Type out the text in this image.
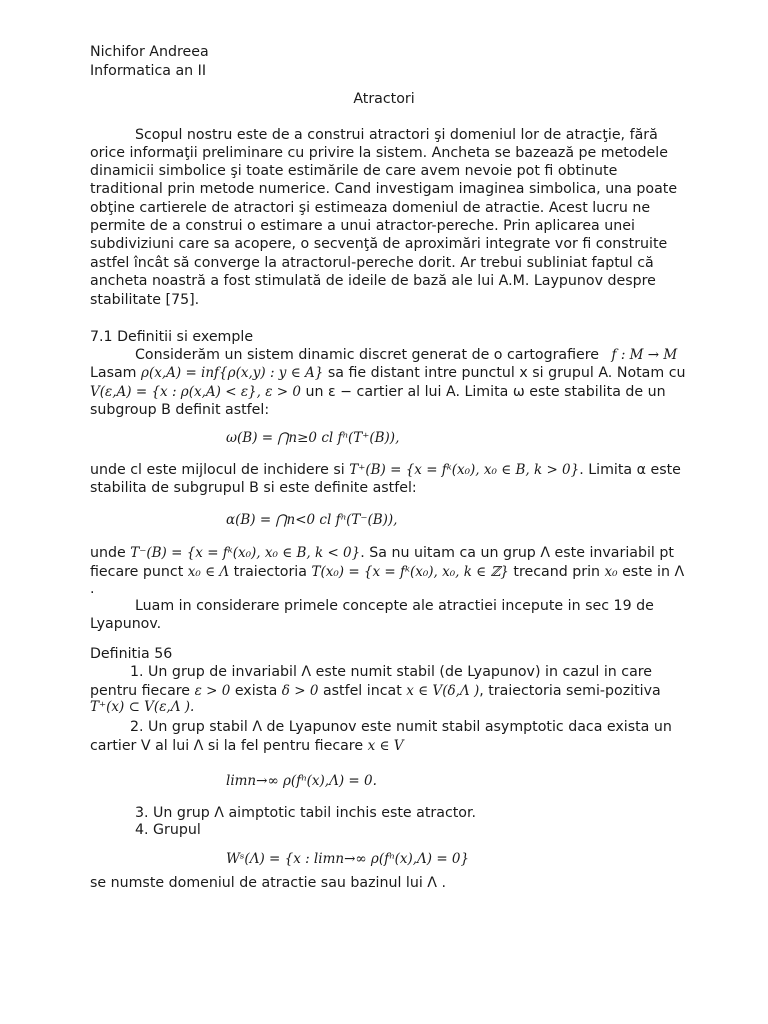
Nichifor Andreea
Informatica an II
Atractori
Scopul nostru este de a construi atractori şi domeniul lor de atracţie, fără
orice informaţii preliminare cu privire la sistem. Ancheta se bazează pe metodele
dinamicii simbolice şi toate estimările de care avem nevoie pot fi obtinute
traditional prin metode numerice. Cand investigam imaginea simbolica, una poate
obţine cartierele de atractori şi estimeaza domeniul de atractie. Acest lucru ne
permite de a construi o estimare a unui atractor-pereche. Prin aplicarea unei
subdiviziuni care sa acopere, o secvenţă de aproximări integrate vor fi construite
astfel încât să converge la atractorul-pereche dorit. Ar trebui subliniat faptul că
ancheta noastră a fost stimulată de ideile de bază ale lui A.M. Laypunov despre
stabilitate [75].
7.1 Definitii si exemple
Considerăm un sistem dinamic discret generat de o cartografiere f : M → M
Lasam ρ(x,A) = inf{ρ(x,y) : y ∈ A} sa fie distant intre punctul x si grupul A. Notam cu
V(ε,A) = {x : ρ(x,A) < ε}, ε > 0 un ε − cartier al lui A. Limita ω este stabilita de un
subgroup B definit astfel:
ω(B) = ⋂n≥0 cl fⁿ(T⁺(B)),
unde cl este mijlocul de inchidere si T⁺(B) = {x = fᵏ(x₀), x₀ ∈ B, k > 0}. Limita α este
stabilita de subgrupul B si este definite astfel:
α(B) = ⋂n<0 cl fⁿ(T⁻(B)),
unde T⁻(B) = {x = fᵏ(x₀), x₀ ∈ B, k < 0}. Sa nu uitam ca un grup Λ este invariabil pt
fiecare punct x₀ ∈ Λ traiectoria T(x₀) = {x = fᵏ(x₀), x₀, k ∈ ℤ} trecand prin x₀ este in Λ
.
Luam in considerare primele concepte ale atractiei incepute in sec 19 de
Lyapunov.
Definitia 56
1. Un grup de invariabil Λ este numit stabil (de Lyapunov) in cazul in care
pentru fiecare ε > 0 exista δ > 0 astfel incat x ∈ V(δ,Λ ), traiectoria semi-pozitiva
T⁺(x) ⊂ V(ε,Λ ).
2. Un grup stabil Λ de Lyapunov este numit stabil asymptotic daca exista un
cartier V al lui Λ si la fel pentru fiecare x ∈ V
limn→∞ ρ(fⁿ(x),Λ) = 0.
3. Un grup Λ aimptotic tabil inchis este atractor.
4. Grupul
Wˢ(Λ) = {x : limn→∞ ρ(fⁿ(x),Λ) = 0}
se numste domeniul de atractie sau bazinul lui Λ .
